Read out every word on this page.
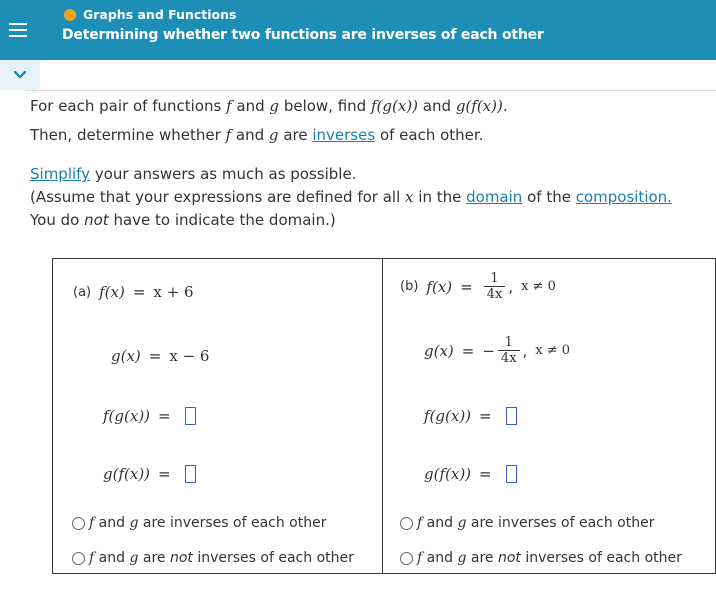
Graphs and Functions
Determining whether two functions are inverses of each other
For each pair of functions f and g below, find f(g(x)) and g(f(x)).
Then, determine whether f and g are inverses of each other.
Simplify your answers as much as possible.
(Assume that your expressions are defined for all x in the domain of the composition.
You do not have to indicate the domain.)
(a) f(x) = x + 6
g(x) = x − 6
f(g(x)) =
g(f(x)) =
f
and
g
are inverses of each other
f
and
g
are
not
inverses of each other
(b) $f(x) = \frac{1}{4x}$ , x ≠ 0
g(x) = − $\frac{1}{4x}$ , x ≠ 0
f(g(x)) =
g(f(x)) =
f
and
g
are inverses of each other
f
and
g
are
not
inverses of each other
